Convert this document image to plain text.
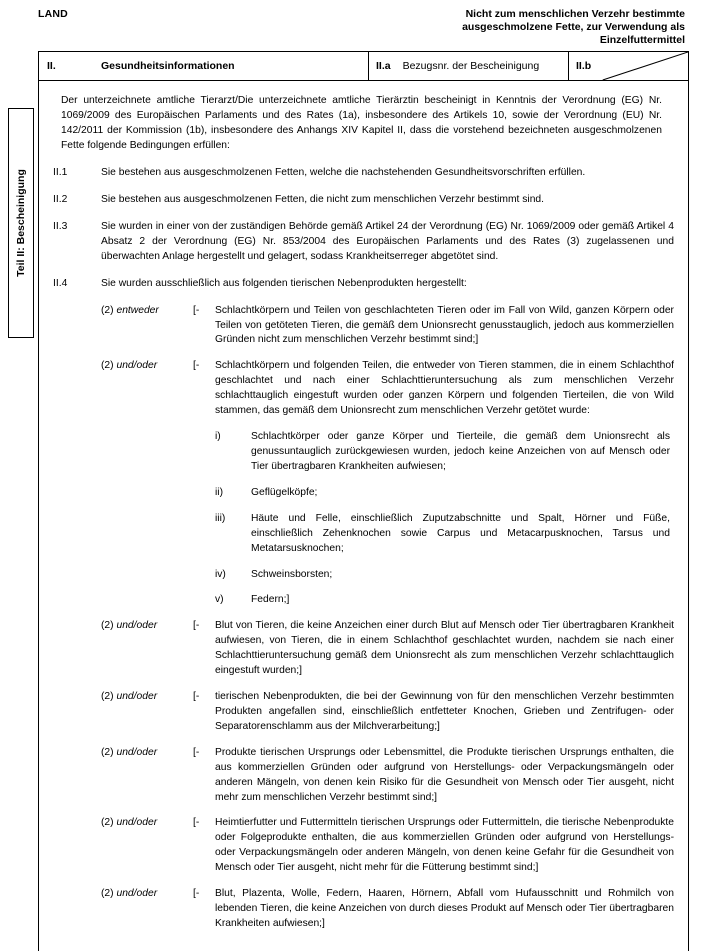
LAND	Nicht zum menschlichen Verzehr bestimmte
ausgeschmolzene Fette, zur Verwendung als
Einzelfuttermittel
Teil II: Bescheinigung
II.	Gesundheitsinformationen	II.a Bezugsnr. der Bescheinigung	II.b
Der unterzeichnete amtliche Tierarzt/Die unterzeichnete amtliche Tierärztin bescheinigt in Kenntnis der Verordnung (EG) Nr. 1069/2009 des Europäischen Parlaments und des Rates (1a), insbesondere des Artikels 10, sowie der Verordnung (EU) Nr. 142/2011 der Kommission (1b), insbesondere des Anhangs XIV Kapitel II, dass die vorstehend bezeichneten ausgeschmolzenen Fette folgende Bedingungen erfüllen:
II.1	Sie bestehen aus ausgeschmolzenen Fetten, welche die nachstehenden Gesundheitsvorschriften erfüllen.
II.2	Sie bestehen aus ausgeschmolzenen Fetten, die nicht zum menschlichen Verzehr bestimmt sind.
II.3	Sie wurden in einer von der zuständigen Behörde gemäß Artikel 24 der Verordnung (EG) Nr. 1069/2009 oder gemäß Artikel 4 Absatz 2 der Verordnung (EG) Nr. 853/2004 des Europäischen Parlaments und des Rates (3) zugelassenen und überwachten Anlage hergestellt und gelagert, sodass Krankheitserreger abgetötet sind.
II.4	Sie wurden ausschließlich aus folgenden tierischen Nebenprodukten hergestellt:
(2) entweder	[-	Schlachtkörpern und Teilen von geschlachteten Tieren oder im Fall von Wild, ganzen Körpern oder Teilen von getöteten Tieren, die gemäß dem Unionsrecht genusstauglich, jedoch aus kommerziellen Gründen nicht zum menschlichen Verzehr bestimmt sind;]
(2) und/oder	[-	Schlachtkörpern und folgenden Teilen, die entweder von Tieren stammen, die in einem Schlachthof geschlachtet und nach einer Schlachttieruntersuchung als zum menschlichen Verzehr schlachttauglich eingestuft wurden oder ganzen Körpern und folgenden Tierteilen, die von Wild stammen, das gemäß dem Unionsrecht zum menschlichen Verzehr getötet wurde:
i)	Schlachtkörper oder ganze Körper und Tierteile, die gemäß dem Unionsrecht als genussuntauglich zurückgewiesen wurden, jedoch keine Anzeichen von auf Mensch oder Tier übertragbaren Krankheiten aufwiesen;
ii)	Geflügelköpfe;
iii)	Häute und Felle, einschließlich Zuputzabschnitte und Spalt, Hörner und Füße, einschließlich Zehenknochen sowie Carpus und Metacarpusknochen, Tarsus und Metatarsusknochen;
iv)	Schweinsborsten;
v)	Federn;]
(2) und/oder	[-	Blut von Tieren, die keine Anzeichen einer durch Blut auf Mensch oder Tier übertragbaren Krankheit aufwiesen, von Tieren, die in einem Schlachthof geschlachtet wurden, nachdem sie nach einer Schlachttieruntersuchung gemäß dem Unionsrecht als zum menschlichen Verzehr schlachttauglich eingestuft wurden;]
(2) und/oder	[-	tierischen Nebenprodukten, die bei der Gewinnung von für den menschlichen Verzehr bestimmten Produkten angefallen sind, einschließlich entfetteter Knochen, Grieben und Zentrifugen- oder Separatorenschlamm aus der Milchverarbeitung;]
(2) und/oder	[-	Produkte tierischen Ursprungs oder Lebensmittel, die Produkte tierischen Ursprungs enthalten, die aus kommerziellen Gründen oder aufgrund von Herstellungs- oder Verpackungsmängeln oder anderen Mängeln, von denen kein Risiko für die Gesundheit von Mensch oder Tier ausgeht, nicht mehr zum menschlichen Verzehr bestimmt sind;]
(2) und/oder	[-	Heimtierfutter und Futtermitteln tierischen Ursprungs oder Futtermitteln, die tierische Nebenprodukte oder Folgeprodukte enthalten, die aus kommerziellen Gründen oder aufgrund von Herstellungs- oder Verpackungsmängeln oder anderen Mängeln, von denen keine Gefahr für die Gesundheit von Mensch oder Tier ausgeht, nicht mehr für die Fütterung bestimmt sind;]
(2) und/oder	[-	Blut, Plazenta, Wolle, Federn, Haaren, Hörnern, Abfall vom Hufausschnitt und Rohmilch von lebenden Tieren, die keine Anzeichen von durch dieses Produkt auf Mensch oder Tier übertragbaren Krankheiten aufwiesen;]
